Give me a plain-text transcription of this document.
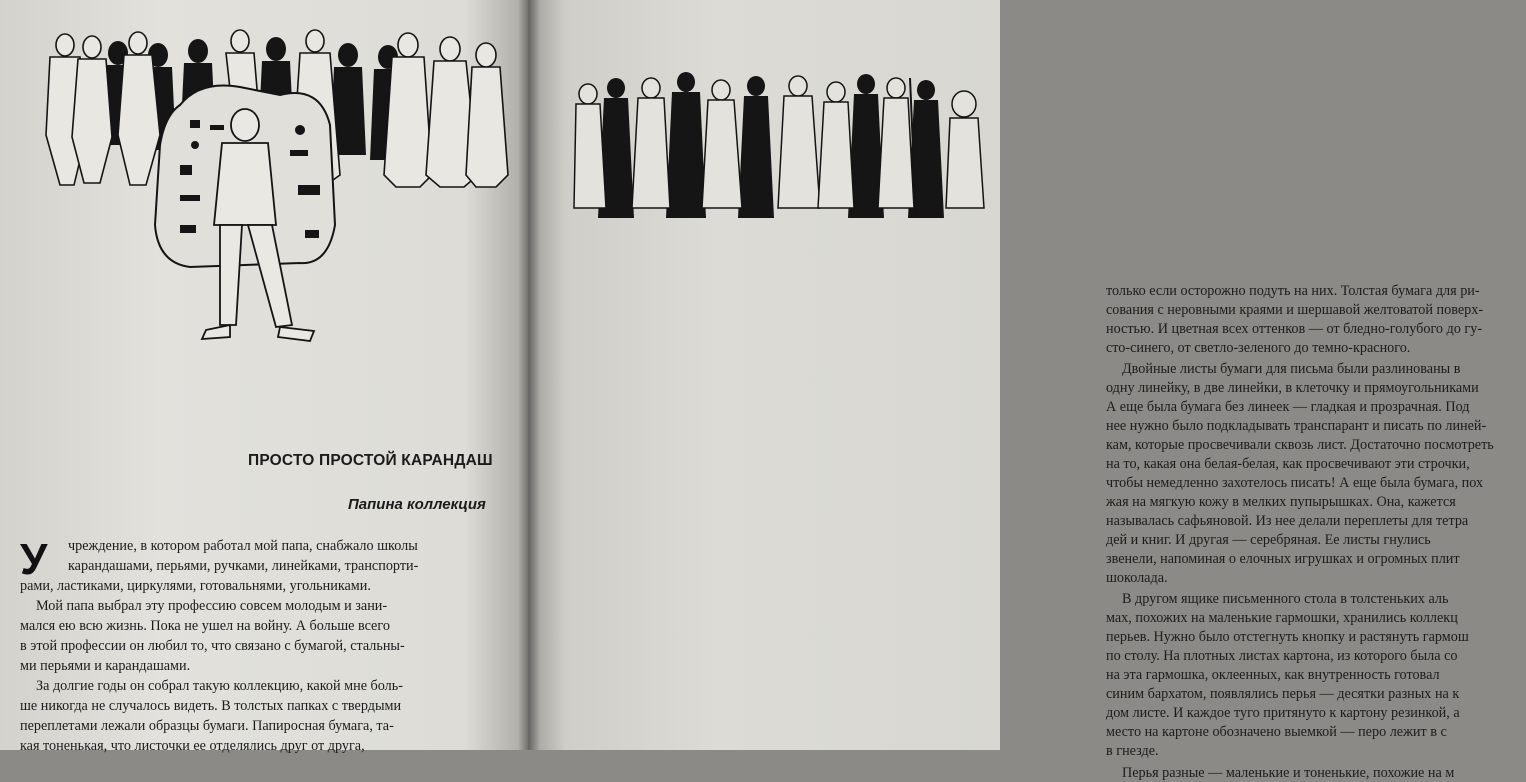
ПРОСТО ПРОСТОЙ КАРАНДАШ
Папина коллекция
У чреждение, в котором работал мой папа, снабжало школы
карандашами, перьями, ручками, линейками, транспорти-
рами, ластиками, циркулями, готовальнями, угольниками.
Мой папа выбрал эту профессию совсем молодым и зани-
мался ею всю жизнь. Пока не ушел на войну. А больше всего
в этой профессии он любил то, что связано с бумагой, стальны-
ми перьями и карандашами.
За долгие годы он собрал такую коллекцию, какой мне боль-
ше никогда не случалось видеть. В толстых папках с твердыми
переплетами лежали образцы бумаги. Папиросная бумага, та-
кая тоненькая, что листочки ее отделялись друг от друга,
только если осторожно подуть на них. Толстая бумага для ри-
сования с неровными краями и шершавой желтоватой поверх-
ностью. И цветная всех оттенков — от бледно-голубого до гу-
сто-синего, от светло-зеленого до темно-красного.
Двойные листы бумаги для письма были разлинованы в
одну линейку, в две линейки, в клеточку и прямоугольниками
А еще была бумага без линеек — гладкая и прозрачная. Под
нее нужно было подкладывать транспарант и писать по линей-
кам, которые просвечивали сквозь лист. Достаточно посмотреть
на то, какая она белая-белая, как просвечивают эти строчки,
чтобы немедленно захотелось писать! А еще была бумага, пох
жая на мягкую кожу в мелких пупырышках. Она, кажется
называлась сафьяновой. Из нее делали переплеты для тетра
дей и книг. И другая — серебряная. Ее листы гнулись
звенели, напоминая о елочных игрушках и огромных плит
шоколада.
В другом ящике письменного стола в толстеньких аль
мах, похожих на маленькие гармошки, хранились коллекц
перьев. Нужно было отстегнуть кнопку и растянуть гармош
по столу. На плотных листах картона, из которого была со
на эта гармошка, оклеенных, как внутренность готовал
синим бархатом, появлялись перья — десятки разных на к
дом листе. И каждое туго притянуто к картону резинкой, а
место на картоне обозначено выемкой — перо лежит в с
в гнезде.
Перья разные — маленькие и тоненькие, похожие на м
